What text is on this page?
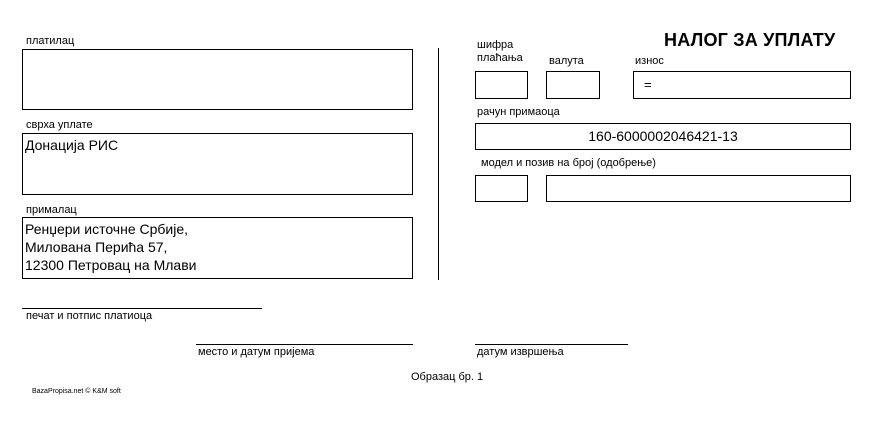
платилац
сврха уплате
Донација РИС
прималац
Ренџери источне Србије,
Милована Перића 57,
12300 Петровац на Млави
НАЛОГ ЗА УПЛАТУ
шифра
плаћања валута	износ
=
рачун примаоца
160-6000002046421-13
модел и позив на број (одобрење)
печат и потпис платиоца
место и датум пријема	датум извршења
Образац бр. 1
BazaPropisa.net © K&M soft
